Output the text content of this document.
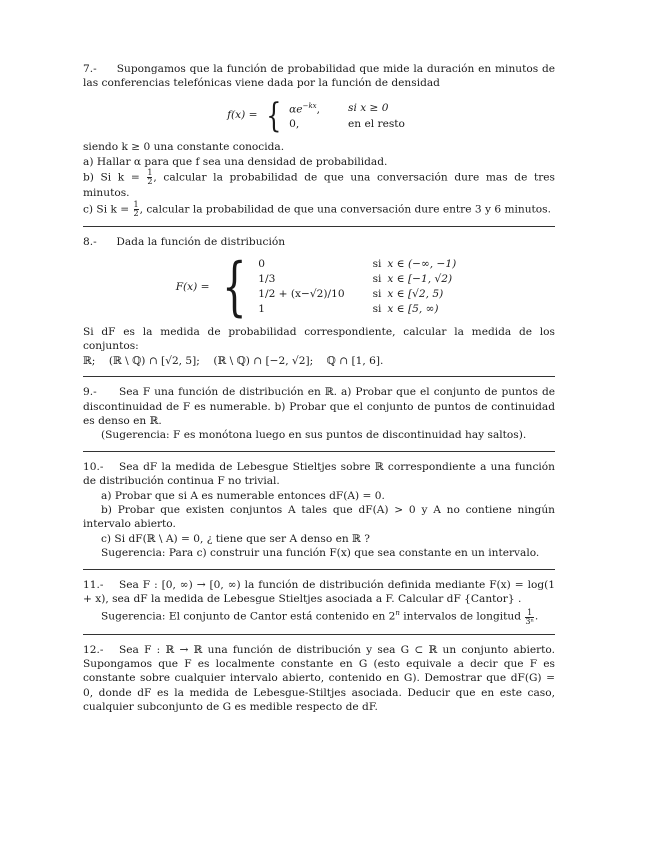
7.- Supongamos que la función de probabilidad que mide la duración en minutos de las conferencias telefónicas viene dada por la función de densidad

f(x) = { $\alpha e^{-kx}$,	si x ≥ 0
0,	en el resto

siendo k ≥ 0 una constante conocida.

a) Hallar α para que f sea una densidad de probabilidad.

b) Si $k = \frac{1}{2}$ , calcular la probabilidad de que una conversación dure mas de tres minutos.

c) Si $k = \frac{1}{2}$ , calcular la probabilidad de que una conversación dure entre 3 y 6 minutos.

8.- Dada la función de distribución

F(x) = { 0	si	x ∈ (−∞, −1)
1/3	si	x ∈ [−1, √2)
1/2 + (x−√2)/10	si	x ∈ [√2, 5)
1	si	x ∈ [5, ∞)

Si dF es la medida de probabilidad correspondiente, calcular la medida de los conjuntos:

ℝ;    (ℝ \ ℚ) ∩ [√2, 5];    (ℝ \ ℚ) ∩ [−2, √2];    ℚ ∩ [1, 6].

9.- Sea F una función de distribución en ℝ. a) Probar que el conjunto de puntos de discontinuidad de F es numerable. b) Probar que el conjunto de puntos de continuidad es denso en ℝ.

(Sugerencia: F es monótona luego en sus puntos de discontinuidad hay saltos).

10.- Sea dF la medida de Lebesgue Stieltjes sobre ℝ correspondiente a una función de distribución continua F no trivial.

a) Probar que si A es numerable entonces dF(A) = 0.

b) Probar que existen conjuntos A tales que dF(A) > 0 y A no contiene ningún intervalo abierto.

c) Si dF(ℝ \ A) = 0, ¿ tiene que ser A denso en ℝ ?

Sugerencia: Para c) construir una función F(x) que sea constante en un intervalo.

11.- Sea F : [0, ∞) → [0, ∞) la función de distribución definida mediante F(x) = log(1 + x), sea dF la medida de Lebesgue Stieltjes asociada a F. Calcular dF {Cantor} .

Sugerencia: El conjunto de Cantor está contenido en 2$^n$ intervalos de longitud $\frac{1}{\text{3ⁿ}}$ .

12.- Sea F : ℝ → ℝ una función de distribución y sea G ⊂ ℝ un conjunto abierto. Supongamos que F es localmente constante en G (esto equivale a decir que F es constante sobre cualquier intervalo abierto, contenido en G). Demostrar que dF(G) = 0, donde dF es la medida de Lebesgue-Stiltjes asociada. Deducir que en este caso, cualquier subconjunto de G es medible respecto de dF.
